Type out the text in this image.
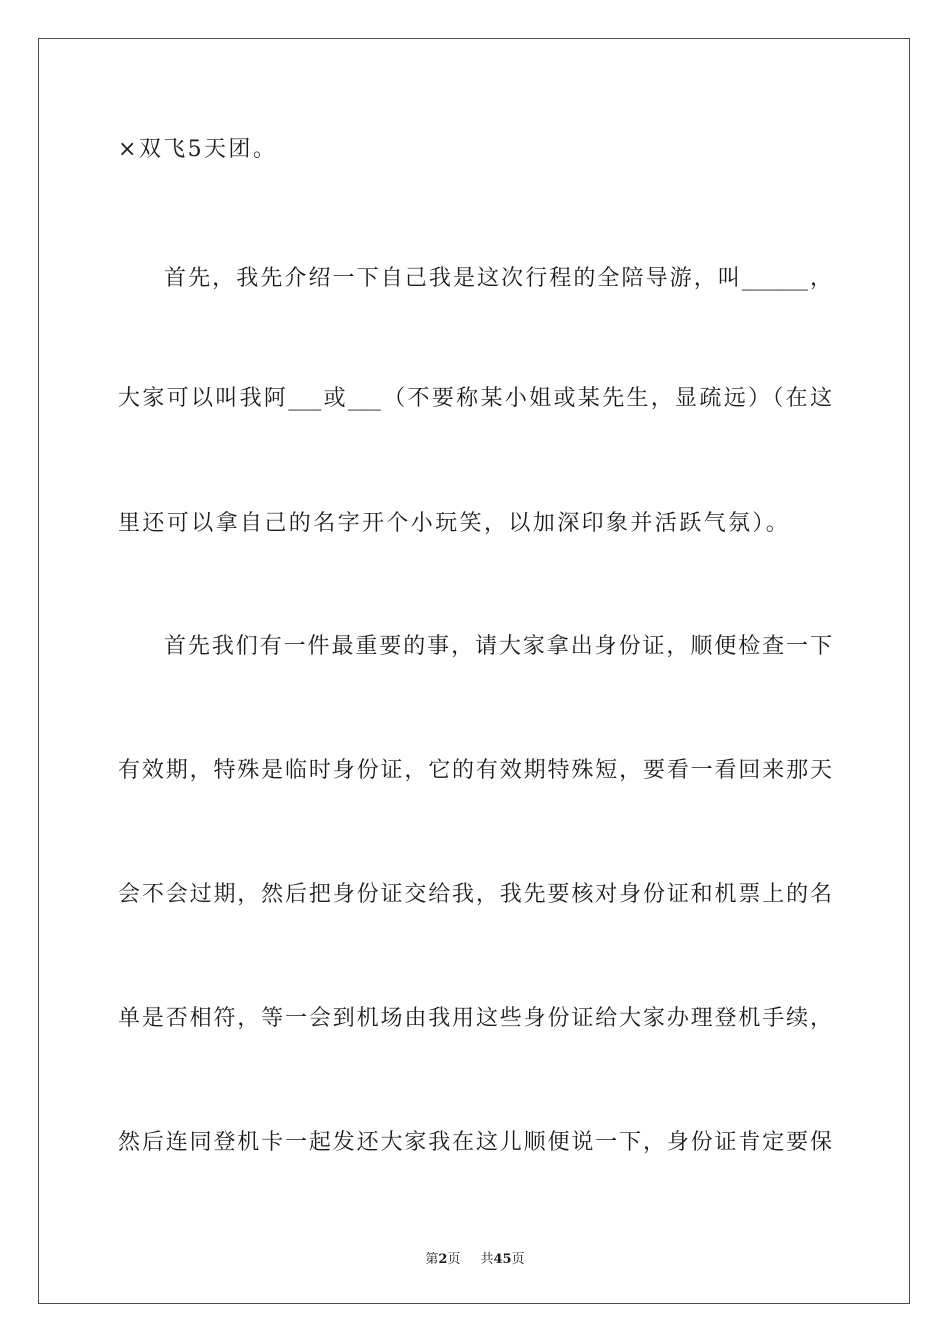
×双飞5天团。

首先，我先介绍一下自己我是这次行程的全陪导游，叫______，

大家可以叫我阿___或___（不要称某小姐或某先生，显疏远）（在这

里还可以拿自己的名字开个小玩笑，以加深印象并活跃气氛）。

首先我们有一件最重要的事，请大家拿出身份证，顺便检查一下

有效期，特殊是临时身份证，它的有效期特殊短，要看一看回来那天

会不会过期，然后把身份证交给我，我先要核对身份证和机票上的名

单是否相符，等一会到机场由我用这些身份证给大家办理登机手续，

然后连同登机卡一起发还大家我在这儿顺便说一下，身份证肯定要保

第2页 共45页
